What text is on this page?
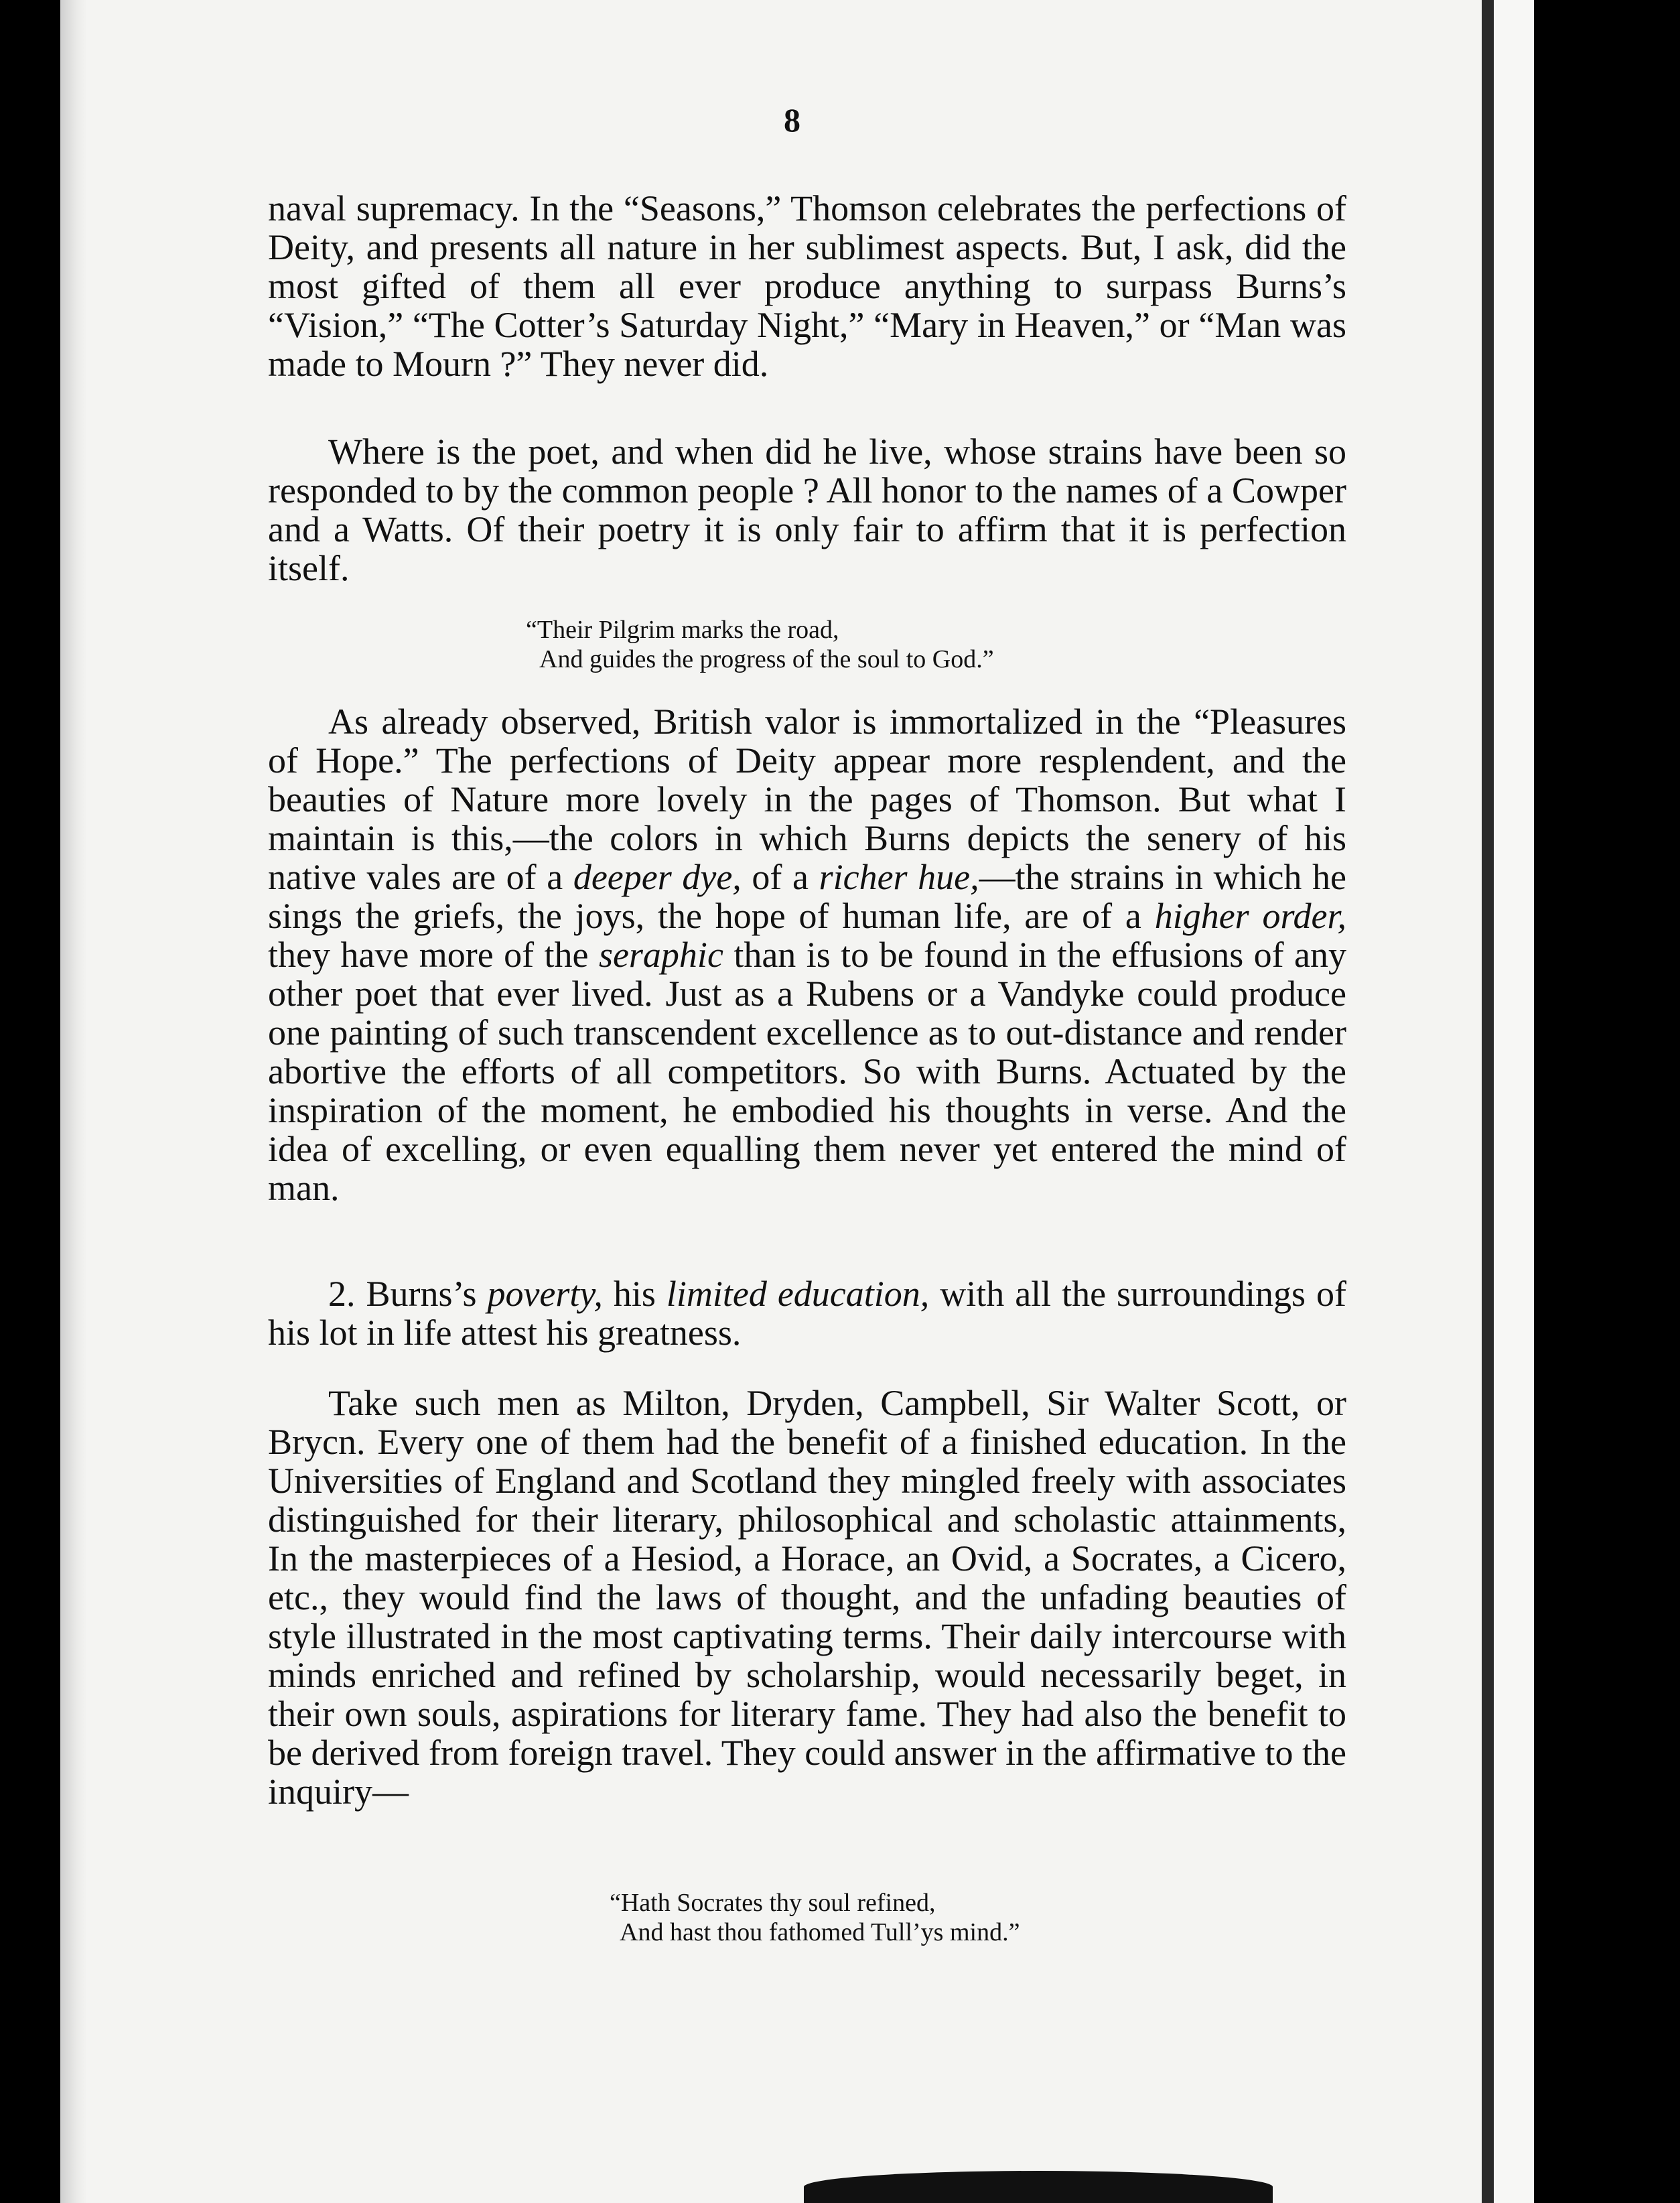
8

naval supremacy. In the “Seasons,” Thomson celebrates the perfections of Deity, and presents all nature in her sublimest aspects. But, I ask, did the most gifted of them all ever produce anything to surpass Burns’s “Vision,” “The Cotter’s Saturday Night,” “Mary in Heaven,” or “Man was made to Mourn ?” They never did.

Where is the poet, and when did he live, whose strains have been so responded to by the common people ? All honor to the names of a Cowper and a Watts. Of their poetry it is only fair to affirm that it is perfection itself.

“Their Pilgrim marks the road,
And guides the progress of the soul to God.”

As already observed, British valor is immortalized in the “Pleasures of Hope.” The perfections of Deity appear more resplendent, and the beauties of Nature more lovely in the pages of Thomson. But what I maintain is this,—the colors in which Burns depicts the senery of his native vales are of a deeper dye, of a richer hue,—the strains in which he sings the griefs, the joys, the hope of human life, are of a higher order, they have more of the seraphic than is to be found in the effusions of any other poet that ever lived. Just as a Rubens or a Vandyke could produce one painting of such transcendent excellence as to out-distance and render abortive the efforts of all competitors. So with Burns. Actuated by the inspiration of the moment, he embodied his thoughts in verse. And the idea of excelling, or even equalling them never yet entered the mind of man.

2. Burns’s poverty, his limited education, with all the surroundings of his lot in life attest his greatness.

Take such men as Milton, Dryden, Campbell, Sir Walter Scott, or Brycn. Every one of them had the benefit of a finished education. In the Universities of England and Scotland they mingled freely with associates distinguished for their literary, philosophical and scholastic attainments, In the masterpieces of a Hesiod, a Horace, an Ovid, a Socrates, a Cicero, etc., they would find the laws of thought, and the unfading beauties of style illustrated in the most captivating terms. Their daily intercourse with minds enriched and refined by scholarship, would necessarily beget, in their own souls, aspirations for literary fame. They had also the benefit to be derived from foreign travel. They could answer in the affirmative to the inquiry—

“Hath Socrates thy soul refined,
And hast thou fathomed Tull’ys mind.”
